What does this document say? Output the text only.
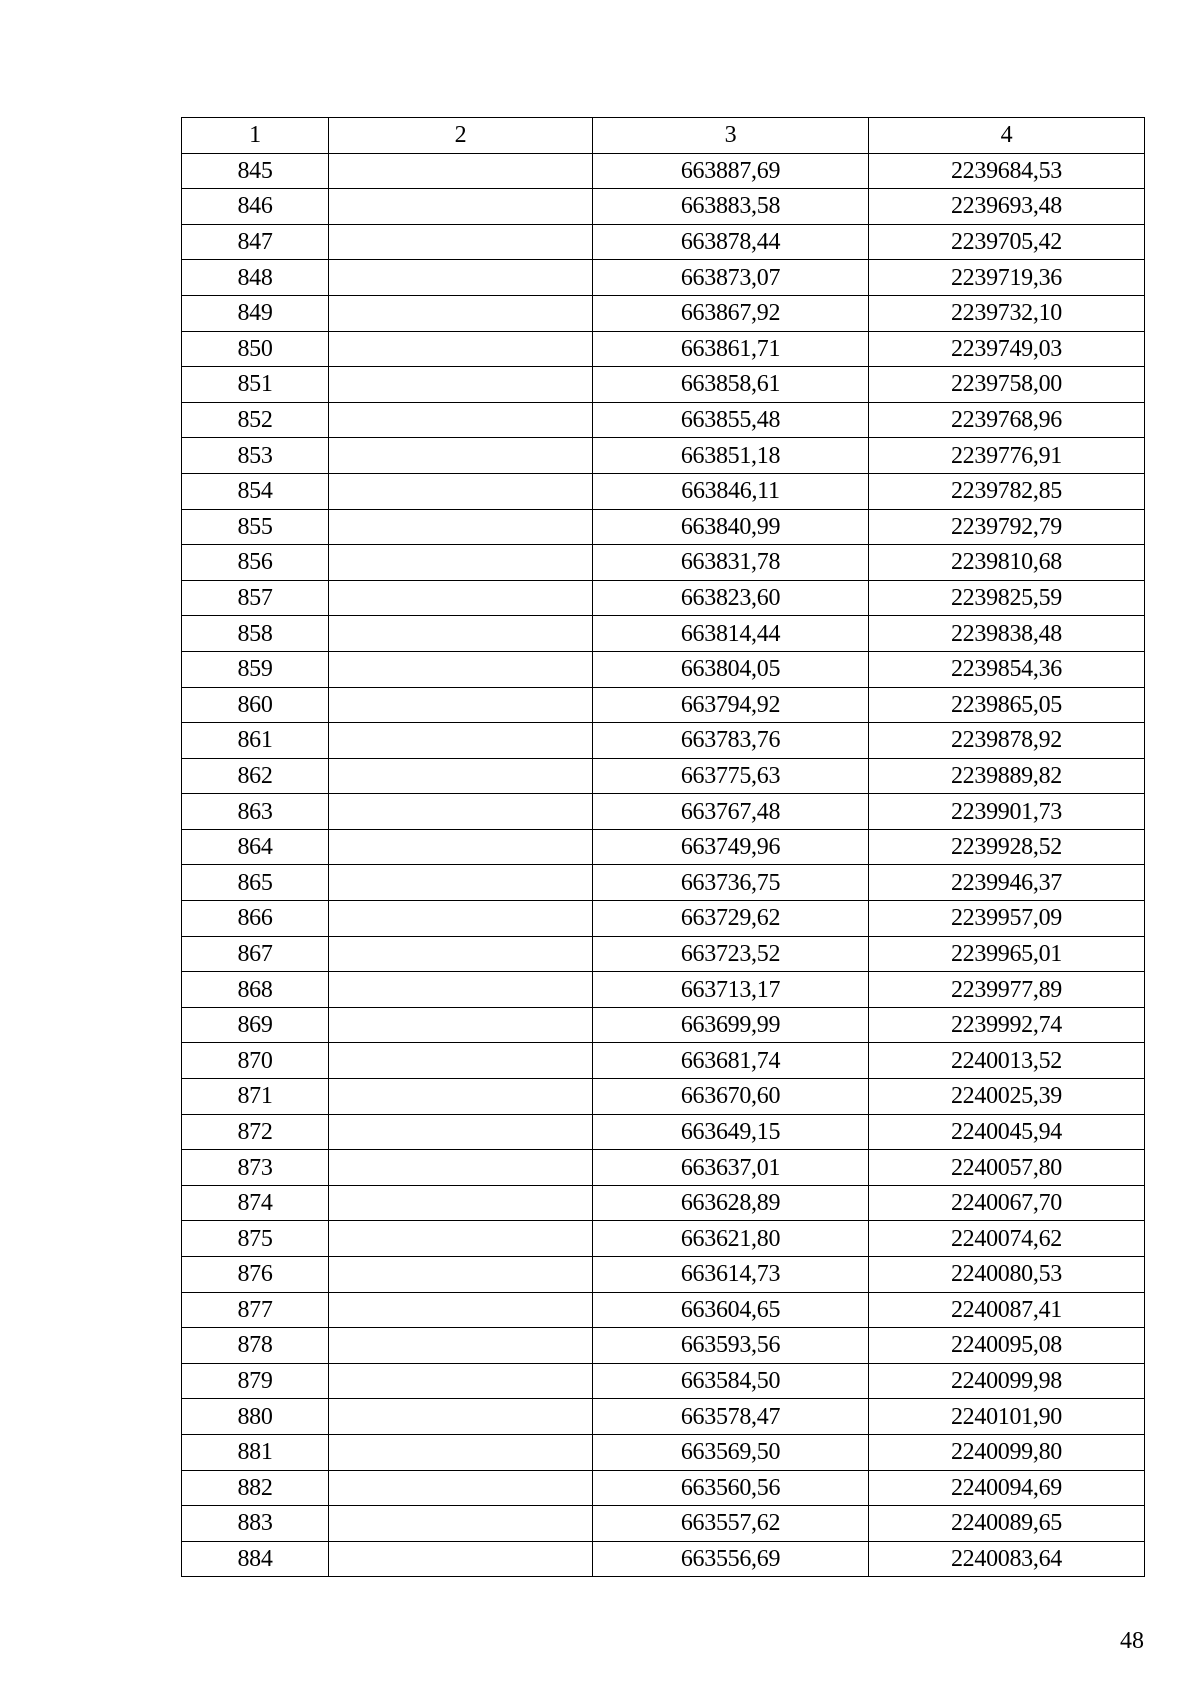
1	2	3	4
845		663887,69	2239684,53
846		663883,58	2239693,48
847		663878,44	2239705,42
848		663873,07	2239719,36
849		663867,92	2239732,10
850		663861,71	2239749,03
851		663858,61	2239758,00
852		663855,48	2239768,96
853		663851,18	2239776,91
854		663846,11	2239782,85
855		663840,99	2239792,79
856		663831,78	2239810,68
857		663823,60	2239825,59
858		663814,44	2239838,48
859		663804,05	2239854,36
860		663794,92	2239865,05
861		663783,76	2239878,92
862		663775,63	2239889,82
863		663767,48	2239901,73
864		663749,96	2239928,52
865		663736,75	2239946,37
866		663729,62	2239957,09
867		663723,52	2239965,01
868		663713,17	2239977,89
869		663699,99	2239992,74
870		663681,74	2240013,52
871		663670,60	2240025,39
872		663649,15	2240045,94
873		663637,01	2240057,80
874		663628,89	2240067,70
875		663621,80	2240074,62
876		663614,73	2240080,53
877		663604,65	2240087,41
878		663593,56	2240095,08
879		663584,50	2240099,98
880		663578,47	2240101,90
881		663569,50	2240099,80
882		663560,56	2240094,69
883		663557,62	2240089,65
884		663556,69	2240083,64
48
